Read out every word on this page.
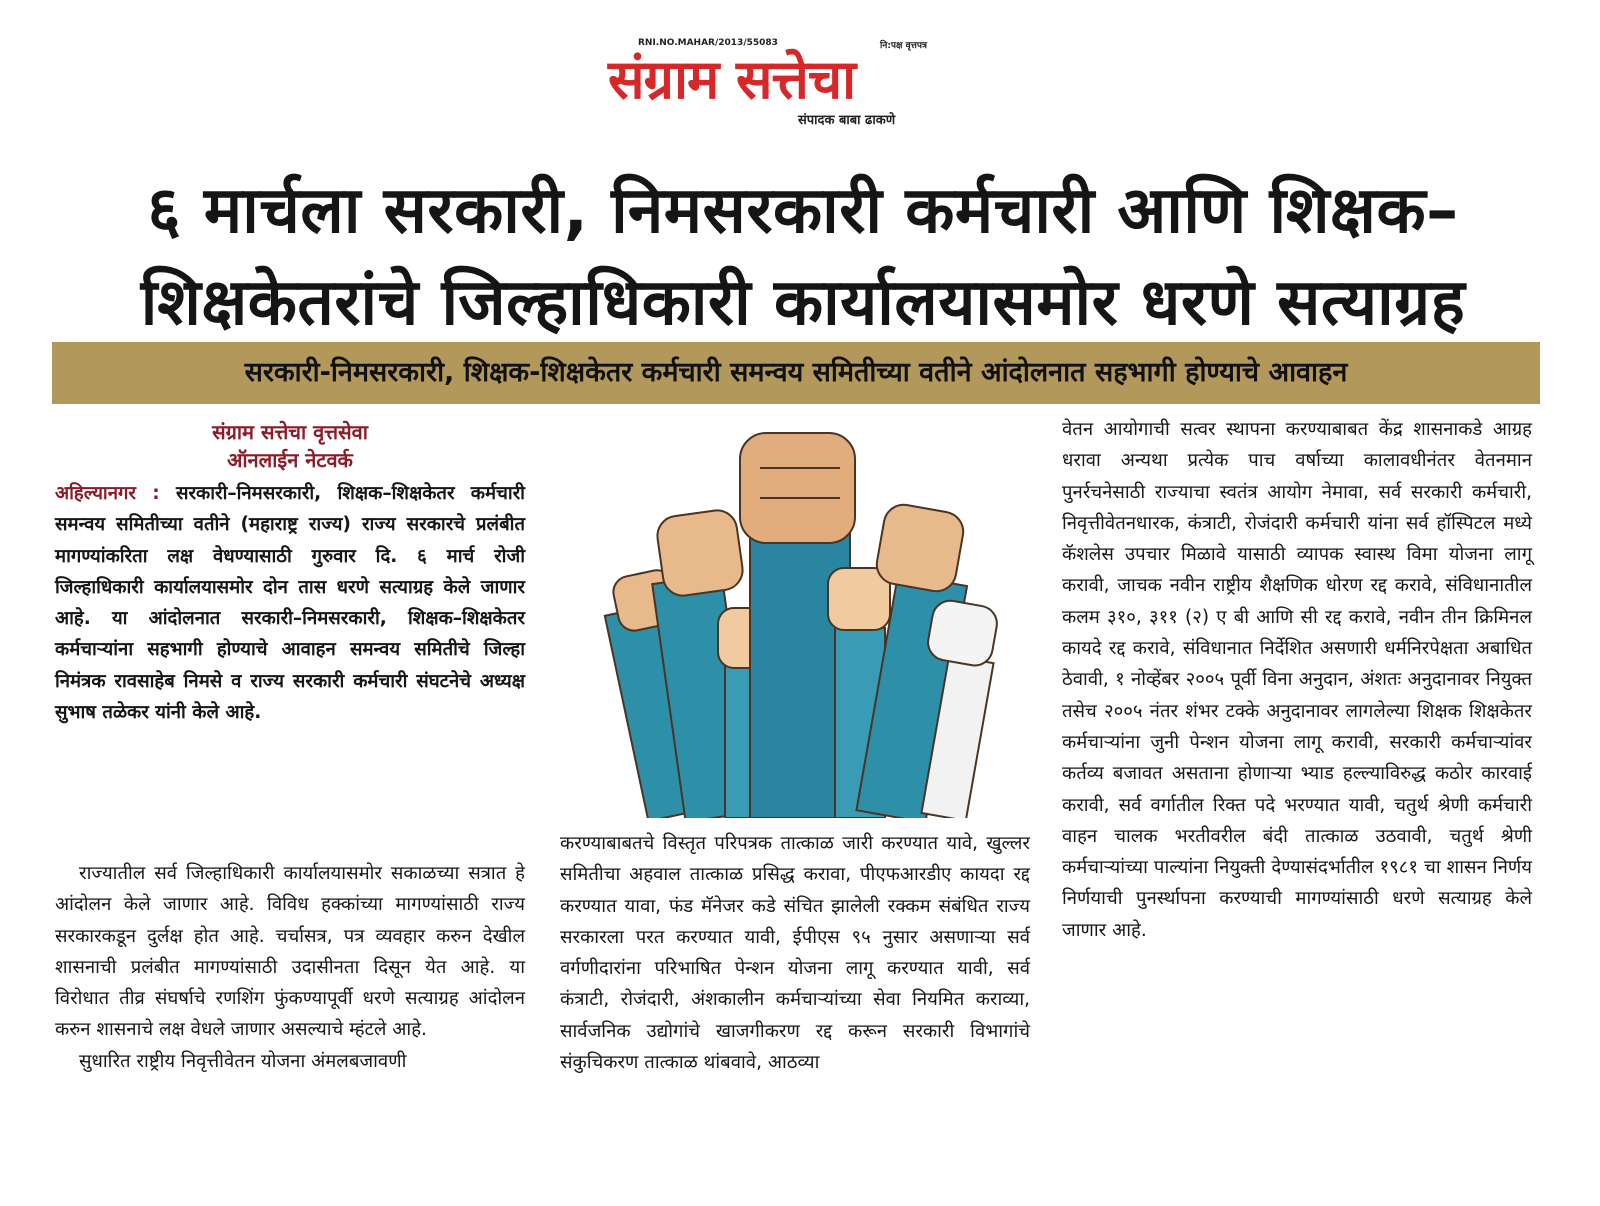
RNI.NO.MAHAR/2013/55083	नि:पक्ष वृत्तपत्र
संग्राम सत्तेचा
संपादक बाबा ढाकणे
६ मार्चला सरकारी, निमसरकारी कर्मचारी आणि शिक्षक–
शिक्षकेतरांचे जिल्हाधिकारी कार्यालयासमोर धरणे सत्याग्रह
सरकारी-निमसरकारी, शिक्षक-शिक्षकेतर कर्मचारी समन्वय समितीच्या वतीने आंदोलनात सहभागी होण्याचे आवाहन
संग्राम सत्तेचा वृत्तसेवा
ऑनलाईन नेटवर्क

अहिल्यानगर : सरकारी–निमसरकारी, शिक्षक–शिक्षकेतर कर्मचारी समन्वय समितीच्या वतीने (महाराष्ट्र राज्य) राज्य सरकारचे प्रलंबीत मागण्यांकरिता लक्ष वेधण्यासाठी गुरुवार दि. ६ मार्च रोजी जिल्हाधिकारी कार्यालयासमोर दोन तास धरणे सत्याग्रह केले जाणार आहे. या आंदोलनात सरकारी–निमसरकारी, शिक्षक–शिक्षकेतर कर्मचाऱ्यांना सहभागी होण्याचे आवाहन समन्वय समितीचे जिल्हा निमंत्रक रावसाहेब निमसे व राज्य सरकारी कर्मचारी संघटनेचे अध्यक्ष सुभाष तळेकर यांनी केले आहे.

राज्यातील सर्व जिल्हाधिकारी कार्यालयासमोर सकाळच्या सत्रात हे आंदोलन केले जाणार आहे. विविध हक्कांच्या मागण्यांसाठी राज्य सरकारकडून दुर्लक्ष होत आहे. चर्चासत्र, पत्र व्यवहार करुन देखील शासनाची प्रलंबीत मागण्यांसाठी उदासीनता दिसून येत आहे. या विरोधात तीव्र संघर्षाचे रणशिंग फुंकण्यापूर्वी धरणे सत्याग्रह आंदोलन करुन शासनाचे लक्ष वेधले जाणार असल्याचे म्हंटले आहे.

सुधारित राष्ट्रीय निवृत्तीवेतन योजना अंमलबजावणी

करण्याबाबतचे विस्तृत परिपत्रक तात्काळ जारी करण्यात यावे, खुल्लर समितीचा अहवाल तात्काळ प्रसिद्ध करावा, पीएफआरडीए कायदा रद्द करण्यात यावा, फंड मॅनेजर कडे संचित झालेली रक्कम संबंधित राज्य सरकारला परत करण्यात यावी, ईपीएस ९५ नुसार असणाऱ्या सर्व वर्गणीदारांना परिभाषित पेन्शन योजना लागू करण्यात यावी, सर्व कंत्राटी, रोजंदारी, अंशकालीन कर्मचाऱ्यांच्या सेवा नियमित कराव्या, सार्वजनिक उद्योगांचे खाजगीकरण रद्द करून सरकारी विभागांचे संकुचिकरण तात्काळ थांबवावे, आठव्या
वेतन आयोगाची सत्वर स्थापना करण्याबाबत केंद्र शासनाकडे आग्रह धरावा अन्यथा प्रत्येक पाच वर्षाच्या कालावधीनंतर वेतनमान पुनर्रचनेसाठी राज्याचा स्वतंत्र आयोग नेमावा, सर्व सरकारी कर्मचारी, निवृत्तीवेतनधारक, कंत्राटी, रोजंदारी कर्मचारी यांना सर्व हॉस्पिटल मध्ये कॅशलेस उपचार मिळावे यासाठी व्यापक स्वास्थ विमा योजना लागू करावी, जाचक नवीन राष्ट्रीय शैक्षणिक धोरण रद्द करावे, संविधानातील कलम ३१०, ३११ (२) ए बी आणि सी रद्द करावे, नवीन तीन क्रिमिनल कायदे रद्द करावे, संविधानात निर्देशित असणारी धर्मनिरपेक्षता अबाधित ठेवावी, १ नोव्हेंबर २००५ पूर्वी विना अनुदान, अंशतः अनुदानावर नियुक्त तसेच २००५ नंतर शंभर टक्के अनुदानावर लागलेल्या शिक्षक शिक्षकेतर कर्मचाऱ्यांना जुनी पेन्शन योजना लागू करावी, सरकारी कर्मचाऱ्यांवर कर्तव्य बजावत असताना होणाऱ्या भ्याड हल्ल्याविरुद्ध कठोर कारवाई करावी, सर्व वर्गातील रिक्त पदे भरण्यात यावी, चतुर्थ श्रेणी कर्मचारी वाहन चालक भरतीवरील बंदी तात्काळ उठवावी, चतुर्थ श्रेणी कर्मचाऱ्यांच्या पाल्यांना नियुक्ती देण्यासंदर्भातील १९८१ चा शासन निर्णय निर्णयाची पुनर्स्थापना करण्याची मागण्यांसाठी धरणे सत्याग्रह केले जाणार आहे.
